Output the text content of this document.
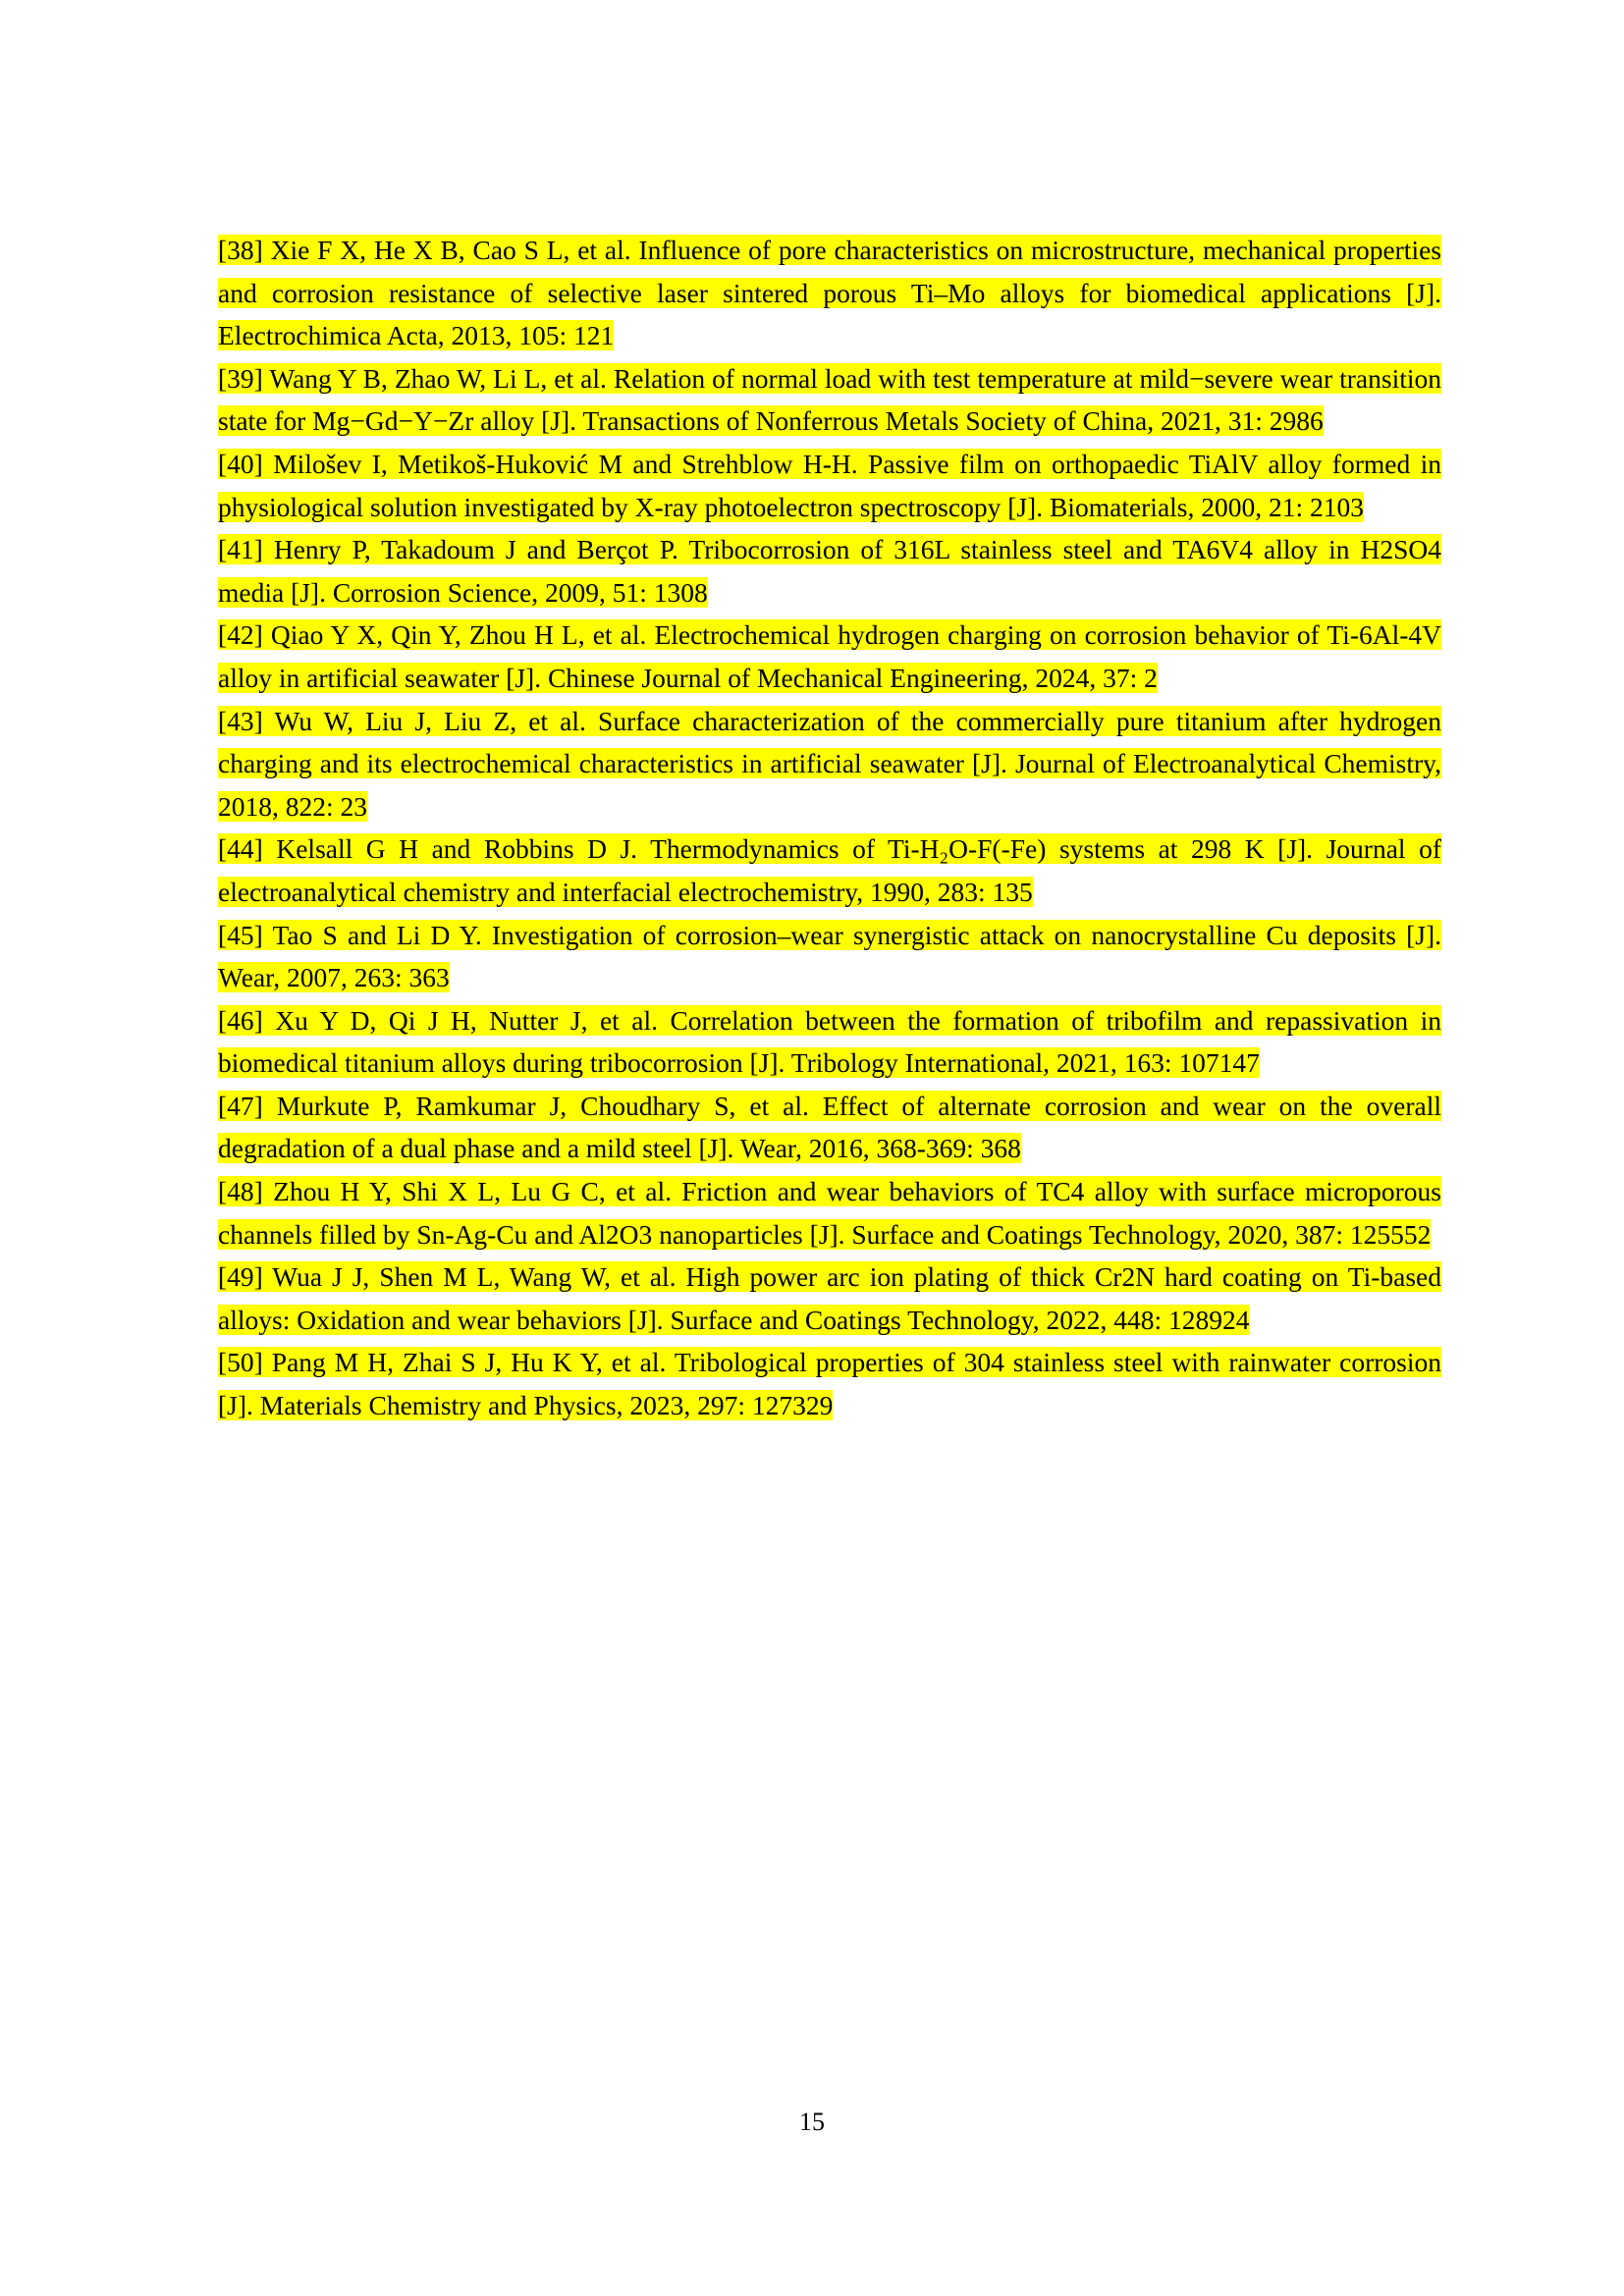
[38] Xie F X, He X B, Cao S L, et al. Influence of pore characteristics on microstructure, mechanical properties and corrosion resistance of selective laser sintered porous Ti–Mo alloys for biomedical applications [J]. Electrochimica Acta, 2013, 105: 121

[39] Wang Y B, Zhao W, Li L, et al. Relation of normal load with test temperature at mild−severe wear transition state for Mg−Gd−Y−Zr alloy [J]. Transactions of Nonferrous Metals Society of China, 2021, 31: 2986

[40] Milošev I, Metikoš-Huković M and Strehblow H-H. Passive film on orthopaedic TiAlV alloy formed in physiological solution investigated by X-ray photoelectron spectroscopy [J]. Biomaterials, 2000, 21: 2103

[41] Henry P, Takadoum J and Berçot P. Tribocorrosion of 316L stainless steel and TA6V4 alloy in H2SO4 media [J]. Corrosion Science, 2009, 51: 1308

[42] Qiao Y X, Qin Y, Zhou H L, et al. Electrochemical hydrogen charging on corrosion behavior of Ti-6Al-4V alloy in artificial seawater [J]. Chinese Journal of Mechanical Engineering, 2024, 37: 2

[43] Wu W, Liu J, Liu Z, et al. Surface characterization of the commercially pure titanium after hydrogen charging and its electrochemical characteristics in artificial seawater [J]. Journal of Electroanalytical Chemistry, 2018, 822: 23

[44] Kelsall G H and Robbins D J. Thermodynamics of Ti-H₂O-F(-Fe) systems at 298 K [J]. Journal of electroanalytical chemistry and interfacial electrochemistry, 1990, 283: 135

[45] Tao S and Li D Y. Investigation of corrosion–wear synergistic attack on nanocrystalline Cu deposits [J]. Wear, 2007, 263: 363

[46] Xu Y D, Qi J H, Nutter J, et al. Correlation between the formation of tribofilm and repassivation in biomedical titanium alloys during tribocorrosion [J]. Tribology International, 2021, 163: 107147

[47] Murkute P, Ramkumar J, Choudhary S, et al. Effect of alternate corrosion and wear on the overall degradation of a dual phase and a mild steel [J]. Wear, 2016, 368-369: 368

[48] Zhou H Y, Shi X L, Lu G C, et al. Friction and wear behaviors of TC4 alloy with surface microporous channels filled by Sn-Ag-Cu and Al2O3 nanoparticles [J]. Surface and Coatings Technology, 2020, 387: 125552

[49] Wua J J, Shen M L, Wang W, et al. High power arc ion plating of thick Cr2N hard coating on Ti-based alloys: Oxidation and wear behaviors [J]. Surface and Coatings Technology, 2022, 448: 128924

[50] Pang M H, Zhai S J, Hu K Y, et al. Tribological properties of 304 stainless steel with rainwater corrosion [J]. Materials Chemistry and Physics, 2023, 297: 127329

15
